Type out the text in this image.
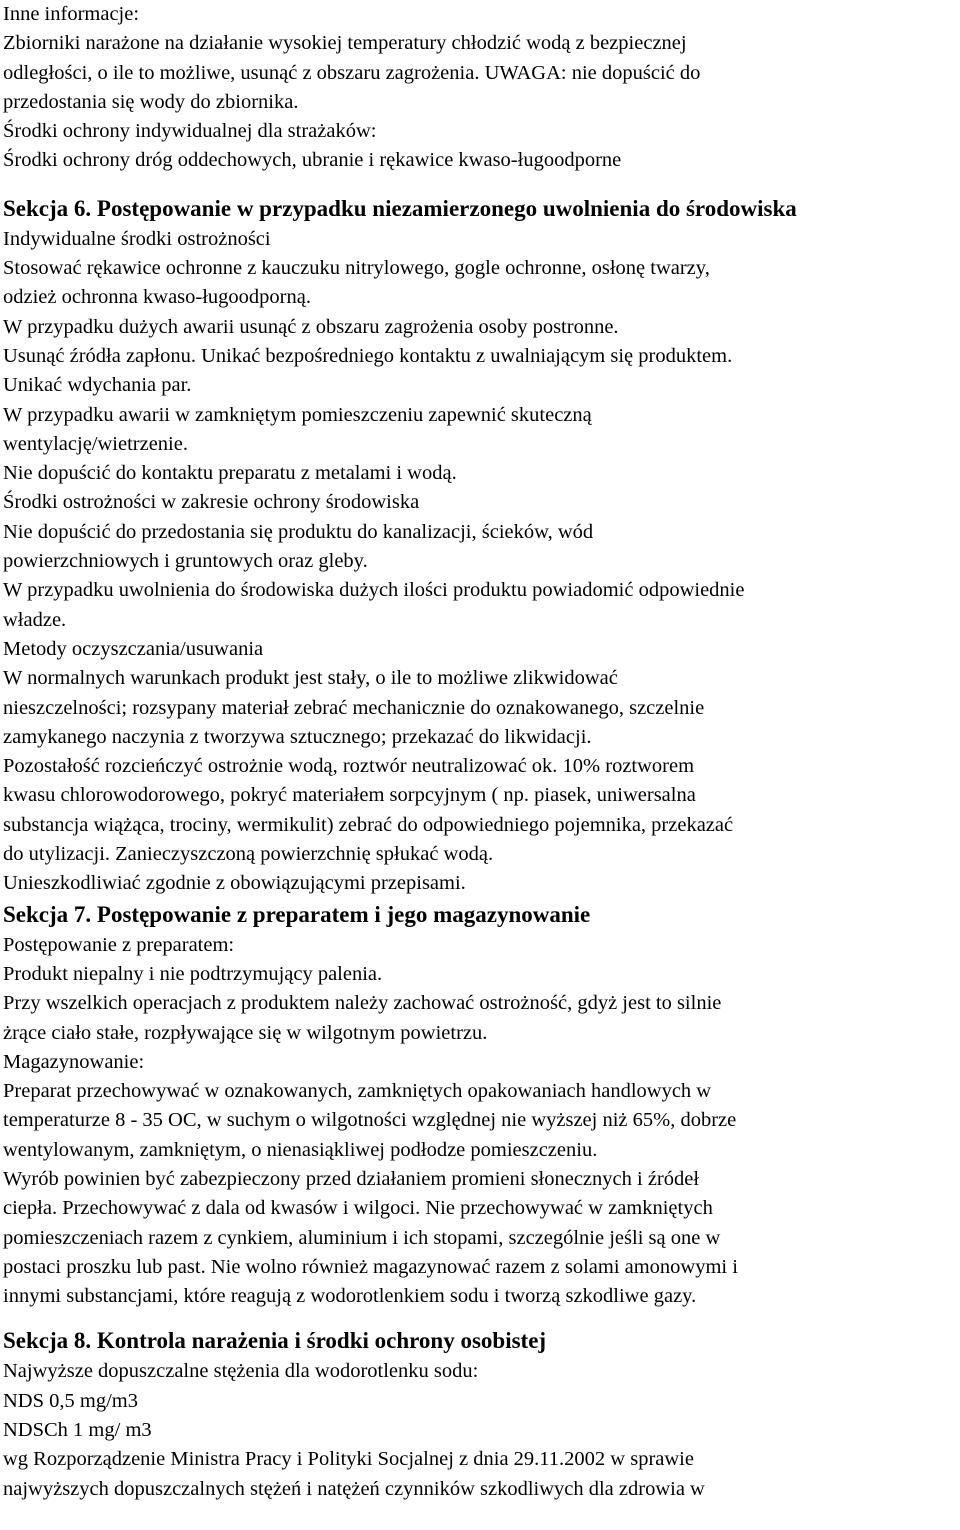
Inne informacje:
Zbiorniki narażone na działanie wysokiej temperatury chłodzić wodą z bezpiecznej
odległości, o ile to możliwe, usunąć z obszaru zagrożenia. UWAGA: nie dopuścić do
przedostania się wody do zbiornika.
Środki ochrony indywidualnej dla strażaków:
Środki ochrony dróg oddechowych, ubranie i rękawice kwaso-ługoodporne
Sekcja 6. Postępowanie w przypadku niezamierzonego uwolnienia do środowiska
Indywidualne środki ostrożności
Stosować rękawice ochronne z kauczuku nitrylowego, gogle ochronne, osłonę twarzy,
odzież ochronna kwaso-ługoodporną.
W przypadku dużych awarii usunąć z obszaru zagrożenia osoby postronne.
Usunąć źródła zapłonu. Unikać bezpośredniego kontaktu z uwalniającym się produktem.
Unikać wdychania par.
W przypadku awarii w zamkniętym pomieszczeniu zapewnić skuteczną
wentylację/wietrzenie.
Nie dopuścić do kontaktu preparatu z metalami i wodą.
Środki ostrożności w zakresie ochrony środowiska
Nie dopuścić do przedostania się produktu do kanalizacji, ścieków, wód
powierzchniowych i gruntowych oraz gleby.
W przypadku uwolnienia do środowiska dużych ilości produktu powiadomić odpowiednie
władze.
Metody oczyszczania/usuwania
W normalnych warunkach produkt jest stały, o ile to możliwe zlikwidować
nieszczelności; rozsypany materiał zebrać mechanicznie do oznakowanego, szczelnie
zamykanego naczynia z tworzywa sztucznego; przekazać do likwidacji.
Pozostałość rozcieńczyć ostrożnie wodą, roztwór neutralizować ok. 10% roztworem
kwasu chlorowodorowego, pokryć materiałem sorpcyjnym ( np. piasek, uniwersalna
substancja wiążąca, trociny, wermikulit) zebrać do odpowiedniego pojemnika, przekazać
do utylizacji. Zanieczyszczoną powierzchnię spłukać wodą.
Unieszkodliwiać zgodnie z obowiązującymi przepisami.
Sekcja 7. Postępowanie z preparatem i jego magazynowanie
Postępowanie z preparatem:
Produkt niepalny i nie podtrzymujący palenia.
Przy wszelkich operacjach z produktem należy zachować ostrożność, gdyż jest to silnie
żrące ciało stałe, rozpływające się w wilgotnym powietrzu.
Magazynowanie:
Preparat przechowywać w oznakowanych, zamkniętych opakowaniach handlowych w
temperaturze 8 - 35 OC, w suchym o wilgotności względnej nie wyższej niż 65%, dobrze
wentylowanym, zamkniętym, o nienasiąkliwej podłodze pomieszczeniu.
Wyrób powinien być zabezpieczony przed działaniem promieni słonecznych i źródeł
ciepła. Przechowywać z dala od kwasów i wilgoci. Nie przechowywać w zamkniętych
pomieszczeniach razem z cynkiem, aluminium i ich stopami, szczególnie jeśli są one w
postaci proszku lub past. Nie wolno również magazynować razem z solami amonowymi i
innymi substancjami, które reagują z wodorotlenkiem sodu i tworzą szkodliwe gazy.
Sekcja 8. Kontrola narażenia i środki ochrony osobistej
Najwyższe dopuszczalne stężenia dla wodorotlenku sodu:
NDS 0,5 mg/m3
NDSCh 1 mg/ m3
wg Rozporządzenie Ministra Pracy i Polityki Socjalnej z dnia 29.11.2002 w sprawie
najwyższych dopuszczalnych stężeń i natężeń czynników szkodliwych dla zdrowia w
